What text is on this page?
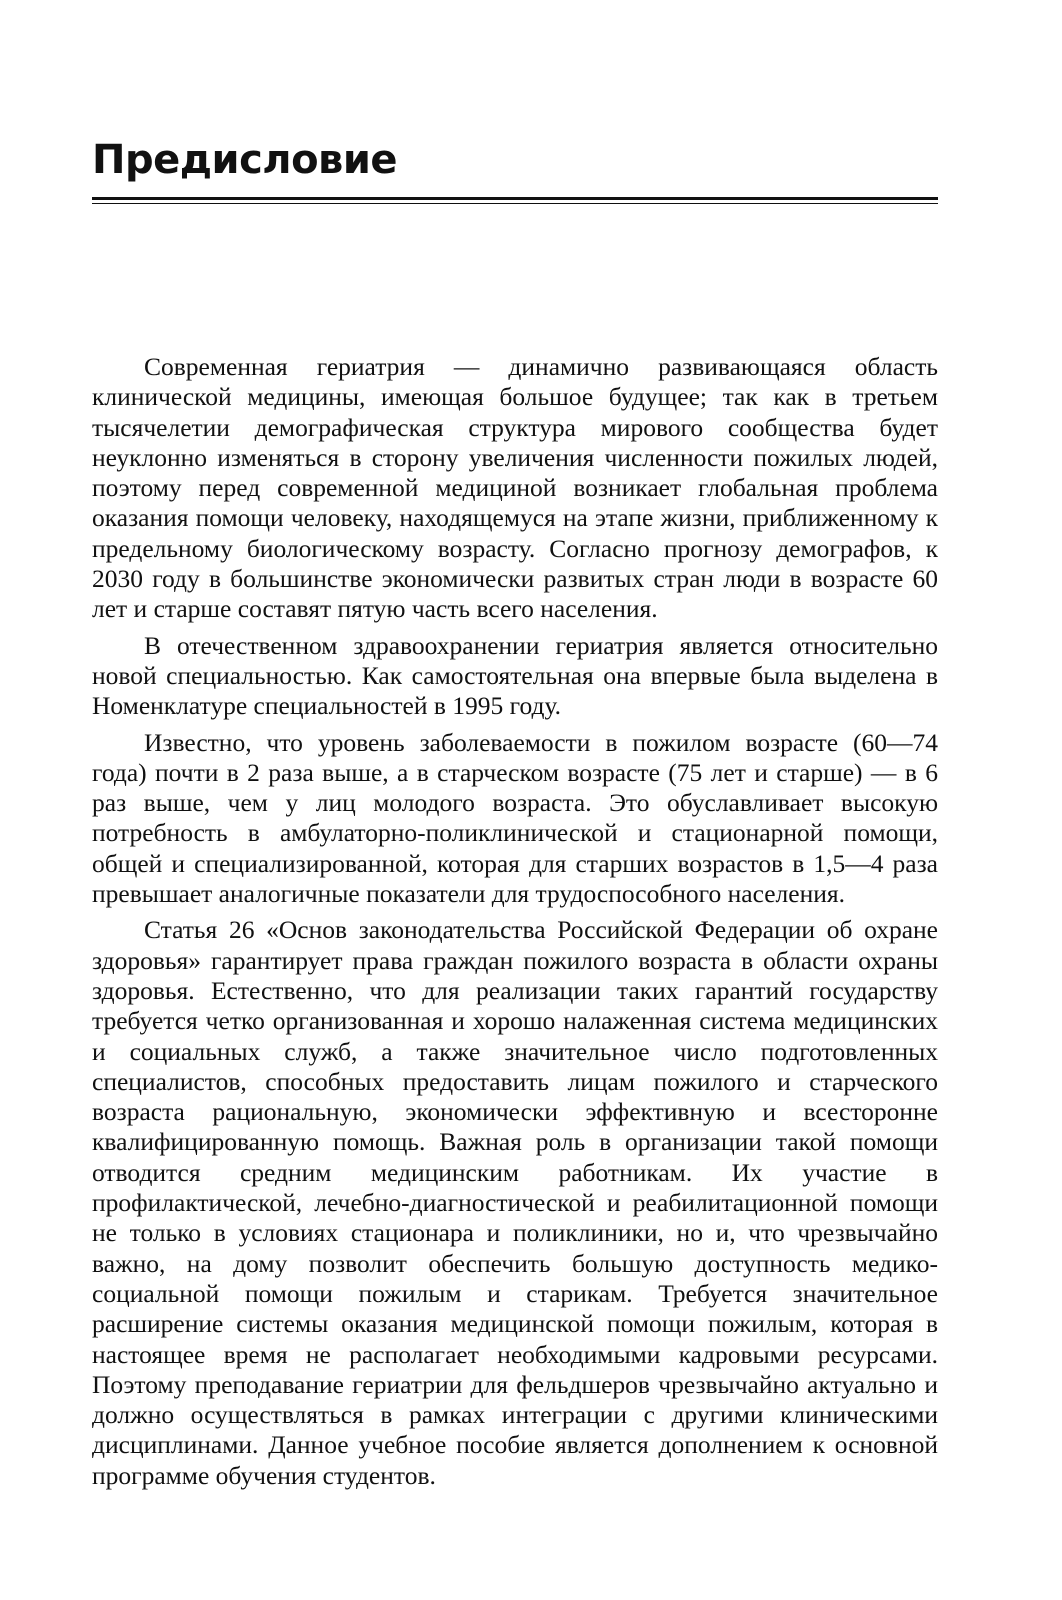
Предисловие

Современная гериатрия — динамично развивающаяся область клинической медицины, имеющая большое будущее; так как в третьем тысячелетии демографическая структура мирового сообщества будет неуклонно изменяться в сторону увеличения численности пожилых людей, поэтому перед современной медициной возникает глобальная проблема оказания помощи человеку, находящемуся на этапе жизни, приближенному к предельному биологическому возрасту. Согласно прогнозу демографов, к 2030 году в большинстве экономически развитых стран люди в возрасте 60 лет и старше составят пятую часть всего населения.

В отечественном здравоохранении гериатрия является относительно новой специальностью. Как самостоятельная она впервые была выделена в Номенклатуре специальностей в 1995 году.

Известно, что уровень заболеваемости в пожилом возрасте (60—74 года) почти в 2 раза выше, а в старческом возрасте (75 лет и старше) — в 6 раз выше, чем у лиц молодого возраста. Это обуславливает высокую потребность в амбулаторно-поликлинической и стационарной помощи, общей и специализированной, которая для старших возрастов в 1,5—4 раза превышает аналогичные показатели для трудоспособного населения.

Статья 26 «Основ законодательства Российской Федерации об охране здоровья» гарантирует права граждан пожилого возраста в области охраны здоровья. Естественно, что для реализации таких гарантий государству требуется четко организованная и хорошо налаженная система медицинских и социальных служб, а также значительное число подготовленных специалистов, способных предоставить лицам пожилого и старческого возраста рациональную, экономически эффективную и всесторонне квалифицированную помощь. Важная роль в организации такой помощи отводится средним медицинским работникам. Их участие в профилактической, лечебно-диагностической и реабилитационной помощи не только в условиях стационара и поликлиники, но и, что чрезвычайно важно, на дому позволит обеспечить большую доступность медико-социальной помощи пожилым и старикам. Требуется значительное расширение системы оказания медицинской помощи пожилым, которая в настоящее время не располагает необходимыми кадровыми ресурсами. Поэтому преподавание гериатрии для фельдшеров чрезвычайно актуально и должно осуществляться в рамках интеграции с другими клиническими дисциплинами. Данное учебное пособие является дополнением к основной программе обучения студентов.
